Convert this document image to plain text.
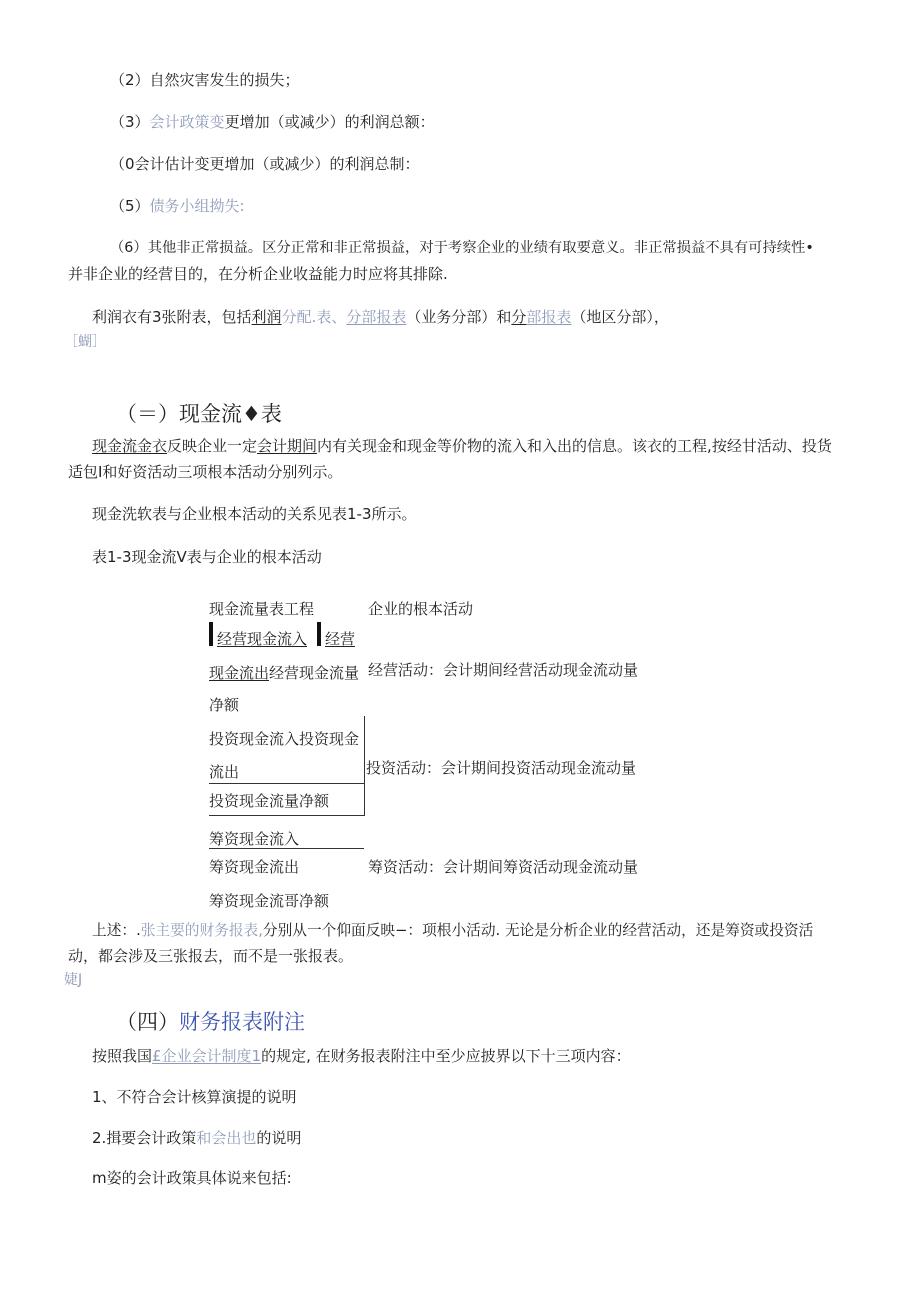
（2）自然灾害发生的损失；
（3）会计政策变更增加（或减少）的利润总额：
（0会计估计变更增加（或减少）的利润总制：
（5）债务小组拗失:
（6）其他非正常损益。区分正常和非正常损益，对于考察企业的业绩有取要意义。非正常损益不具有可持续性•
并非企业的经营目的，在分析企业收益能力时应将其排除.
利润衣有3张附表，包括利润分配.表、分部报表（业务分部）和分部报表（地区分部），
［蝴］
（＝）现金流♦表
现金流金衣反映企业一定会计期间内有关现金和现金等价物的流入和入出的信息。该衣的工程,按经甘活动、投货
适包I和好资活动三项根本活动分别列示。
现金洗软表与企业根本活动的关系见表1-3所示。
表1-3现金流V表与企业的根本活动
现金流量表工程	企业的根本活动
经营现金流入 经营
现金流出经营现金流量 经营活动：会计期间经营活动现金流动量
净额
投资现金流入投资现金
流出	投资活动：会计期间投资活动现金流动量
投资现金流量净额
筹资现金流入
筹资现金流出	筹资活动：会计期间筹资活动现金流动量
筹资现金流哥净额
上述：.张主要的财务报表,分别从一个仰面反映−：项根小活动. 无论是分析企业的经营活动，还是筹资或投资活
动，都会涉及三张报去，而不是一张报表。
婕J
（四）财务报表附注
按照我国£企业会计制度1的规定, 在财务报表附注中至少应披界以下十三项内容：
1、不符合会计核算演提的说明
2.揖要会计政策和会出也的说明
m姿的会计政策具体说来包括:
